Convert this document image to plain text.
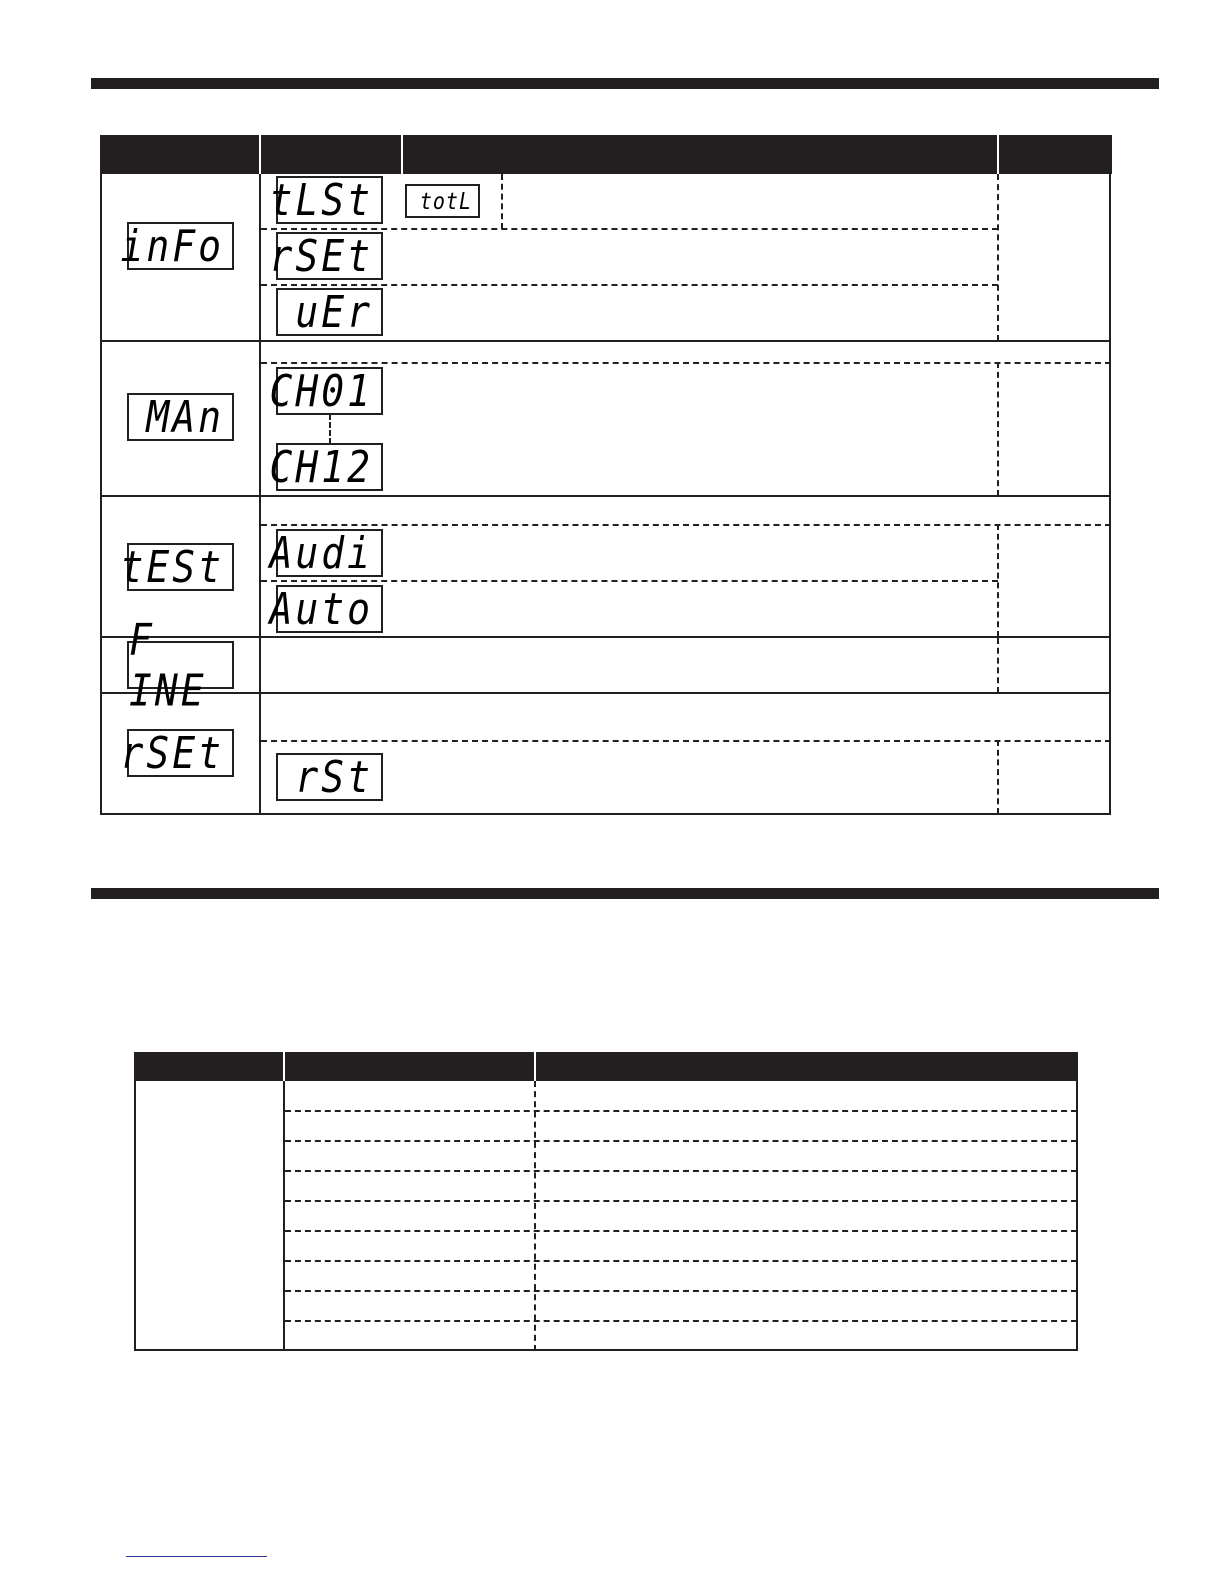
inFo
MAn
tESt
F INE
rSEt
tLSt totL
rSEt
uEr
CH01
CH12
Audi
Auto
rSt
